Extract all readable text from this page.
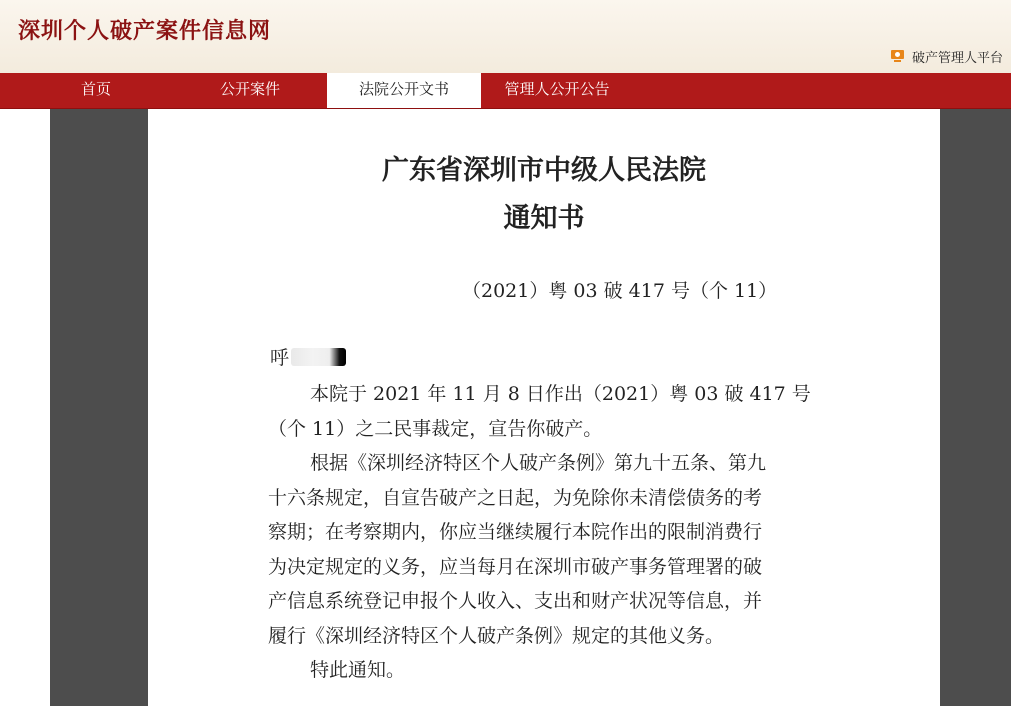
深圳个人破产案件信息网
破产管理人平台
首页	公开案件	法院公开文书	管理人公开公告
广东省深圳市中级人民法院
通知书
（2021）粤 03 破 417 号（个 11）
呼
本院于 2021 年 11 月 8 日作出（2021）粤 03 破 417 号
（个 11）之二民事裁定，宣告你破产。
根据《深圳经济特区个人破产条例》第九十五条、第九
十六条规定，自宣告破产之日起，为免除你未清偿债务的考
察期；在考察期内，你应当继续履行本院作出的限制消费行
为决定规定的义务，应当每月在深圳市破产事务管理署的破
产信息系统登记申报个人收入、支出和财产状况等信息，并
履行《深圳经济特区个人破产条例》规定的其他义务。
特此通知。
